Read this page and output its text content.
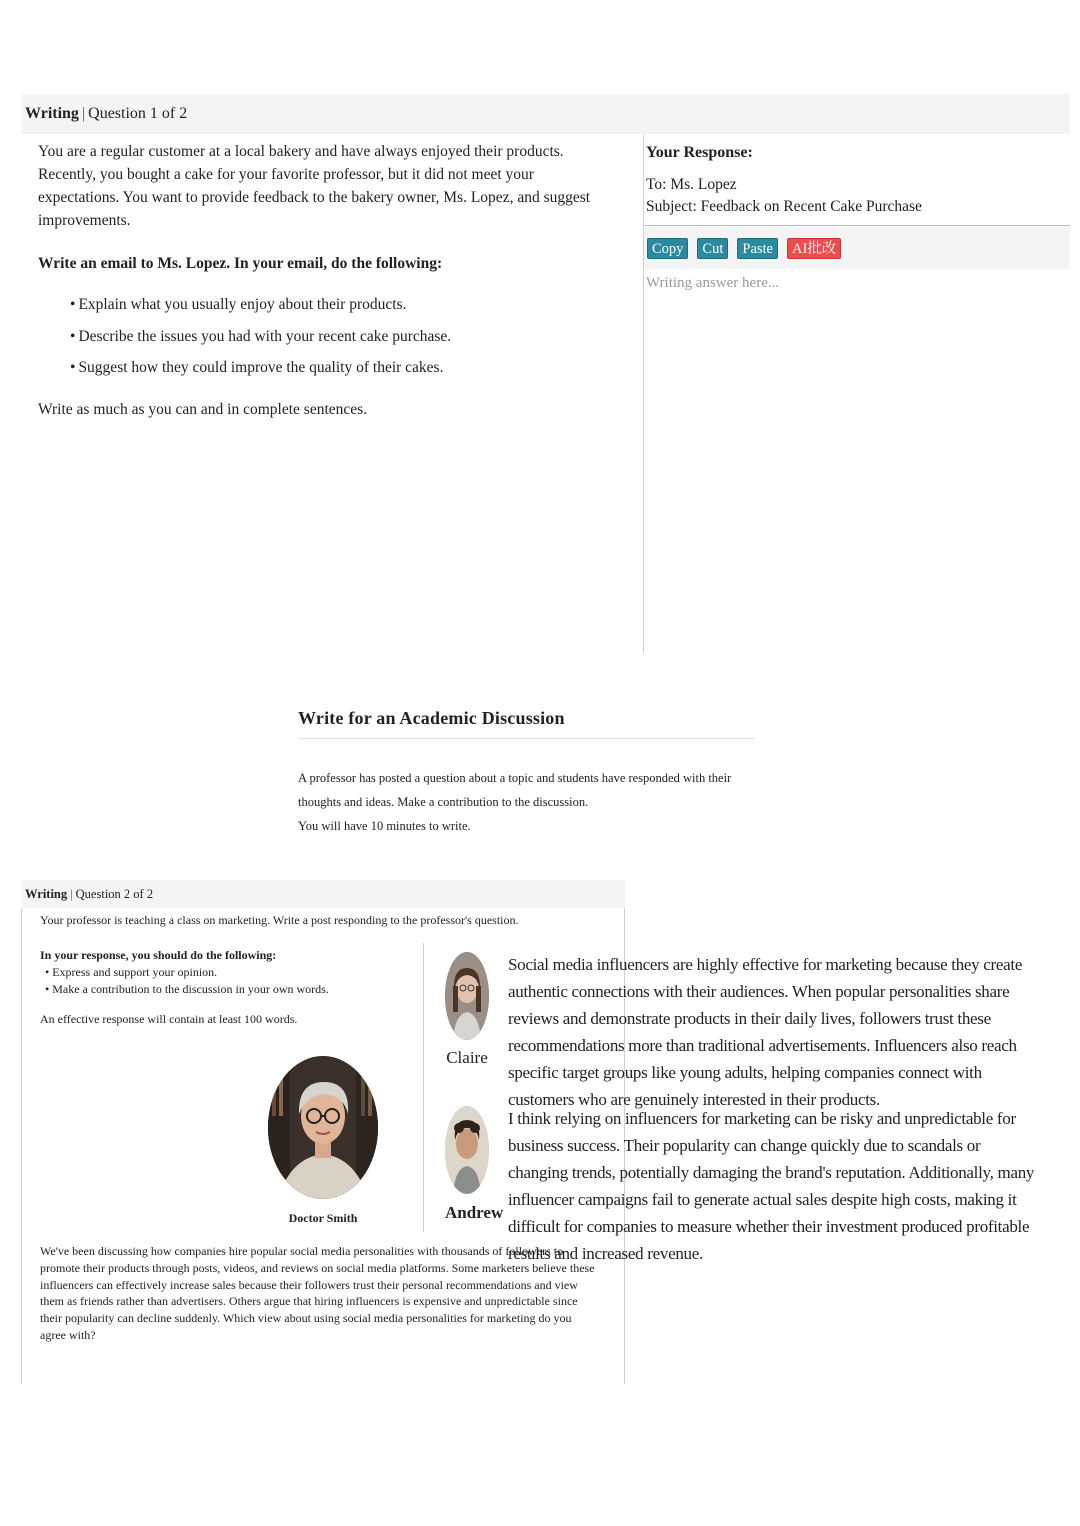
Writing | Question 1 of 2

You are a regular customer at a local bakery and have always enjoyed their products. Recently, you bought a cake for your favorite professor, but it did not meet your expectations. You want to provide feedback to the bakery owner, Ms. Lopez, and suggest improvements.

Write an email to Ms. Lopez. In your email, do the following:

• Explain what you usually enjoy about their products.
• Describe the issues you had with your recent cake purchase.
• Suggest how they could improve the quality of their cakes.

Write as much as you can and in complete sentences.

Your Response:
To: Ms. Lopez
Subject: Feedback on Recent Cake Purchase
Copy	Cut	Paste	AI批改
Writing answer here...
Write for an Academic Discussion

A professor has posted a question about a topic and students have responded with their

thoughts and ideas. Make a contribution to the discussion.

You will have 10 minutes to write.

Writing | Question 2 of 2
Your professor is teaching a class on marketing. Write a post responding to the professor's question.

In your response, you should do the following:

• Express and support your opinion.

• Make a contribution to the discussion in your own words.

An effective response will contain at least 100 words.

Doctor Smith
We've been discussing how companies hire popular social media personalities with thousands of followers to promote their products through posts, videos, and reviews on social media platforms. Some marketers believe these influencers can effectively increase sales because their followers trust their personal recommendations and view them as friends rather than advertisers. Others argue that hiring influencers is expensive and unpredictable since their popularity can decline suddenly. Which view about using social media personalities for marketing do you agree with?
Claire
Social media influencers are highly effective for marketing because they create authentic connections with their audiences. When popular personalities share reviews and demonstrate products in their daily lives, followers trust these recommendations more than traditional advertisements. Influencers also reach specific target groups like young adults, helping companies connect with customers who are genuinely interested in their products.
Andrew
I think relying on influencers for marketing can be risky and unpredictable for business success. Their popularity can change quickly due to scandals or changing trends, potentially damaging the brand's reputation. Additionally, many influencer campaigns fail to generate actual sales despite high costs, making it difficult for companies to measure whether their investment produced profitable results and increased revenue.
